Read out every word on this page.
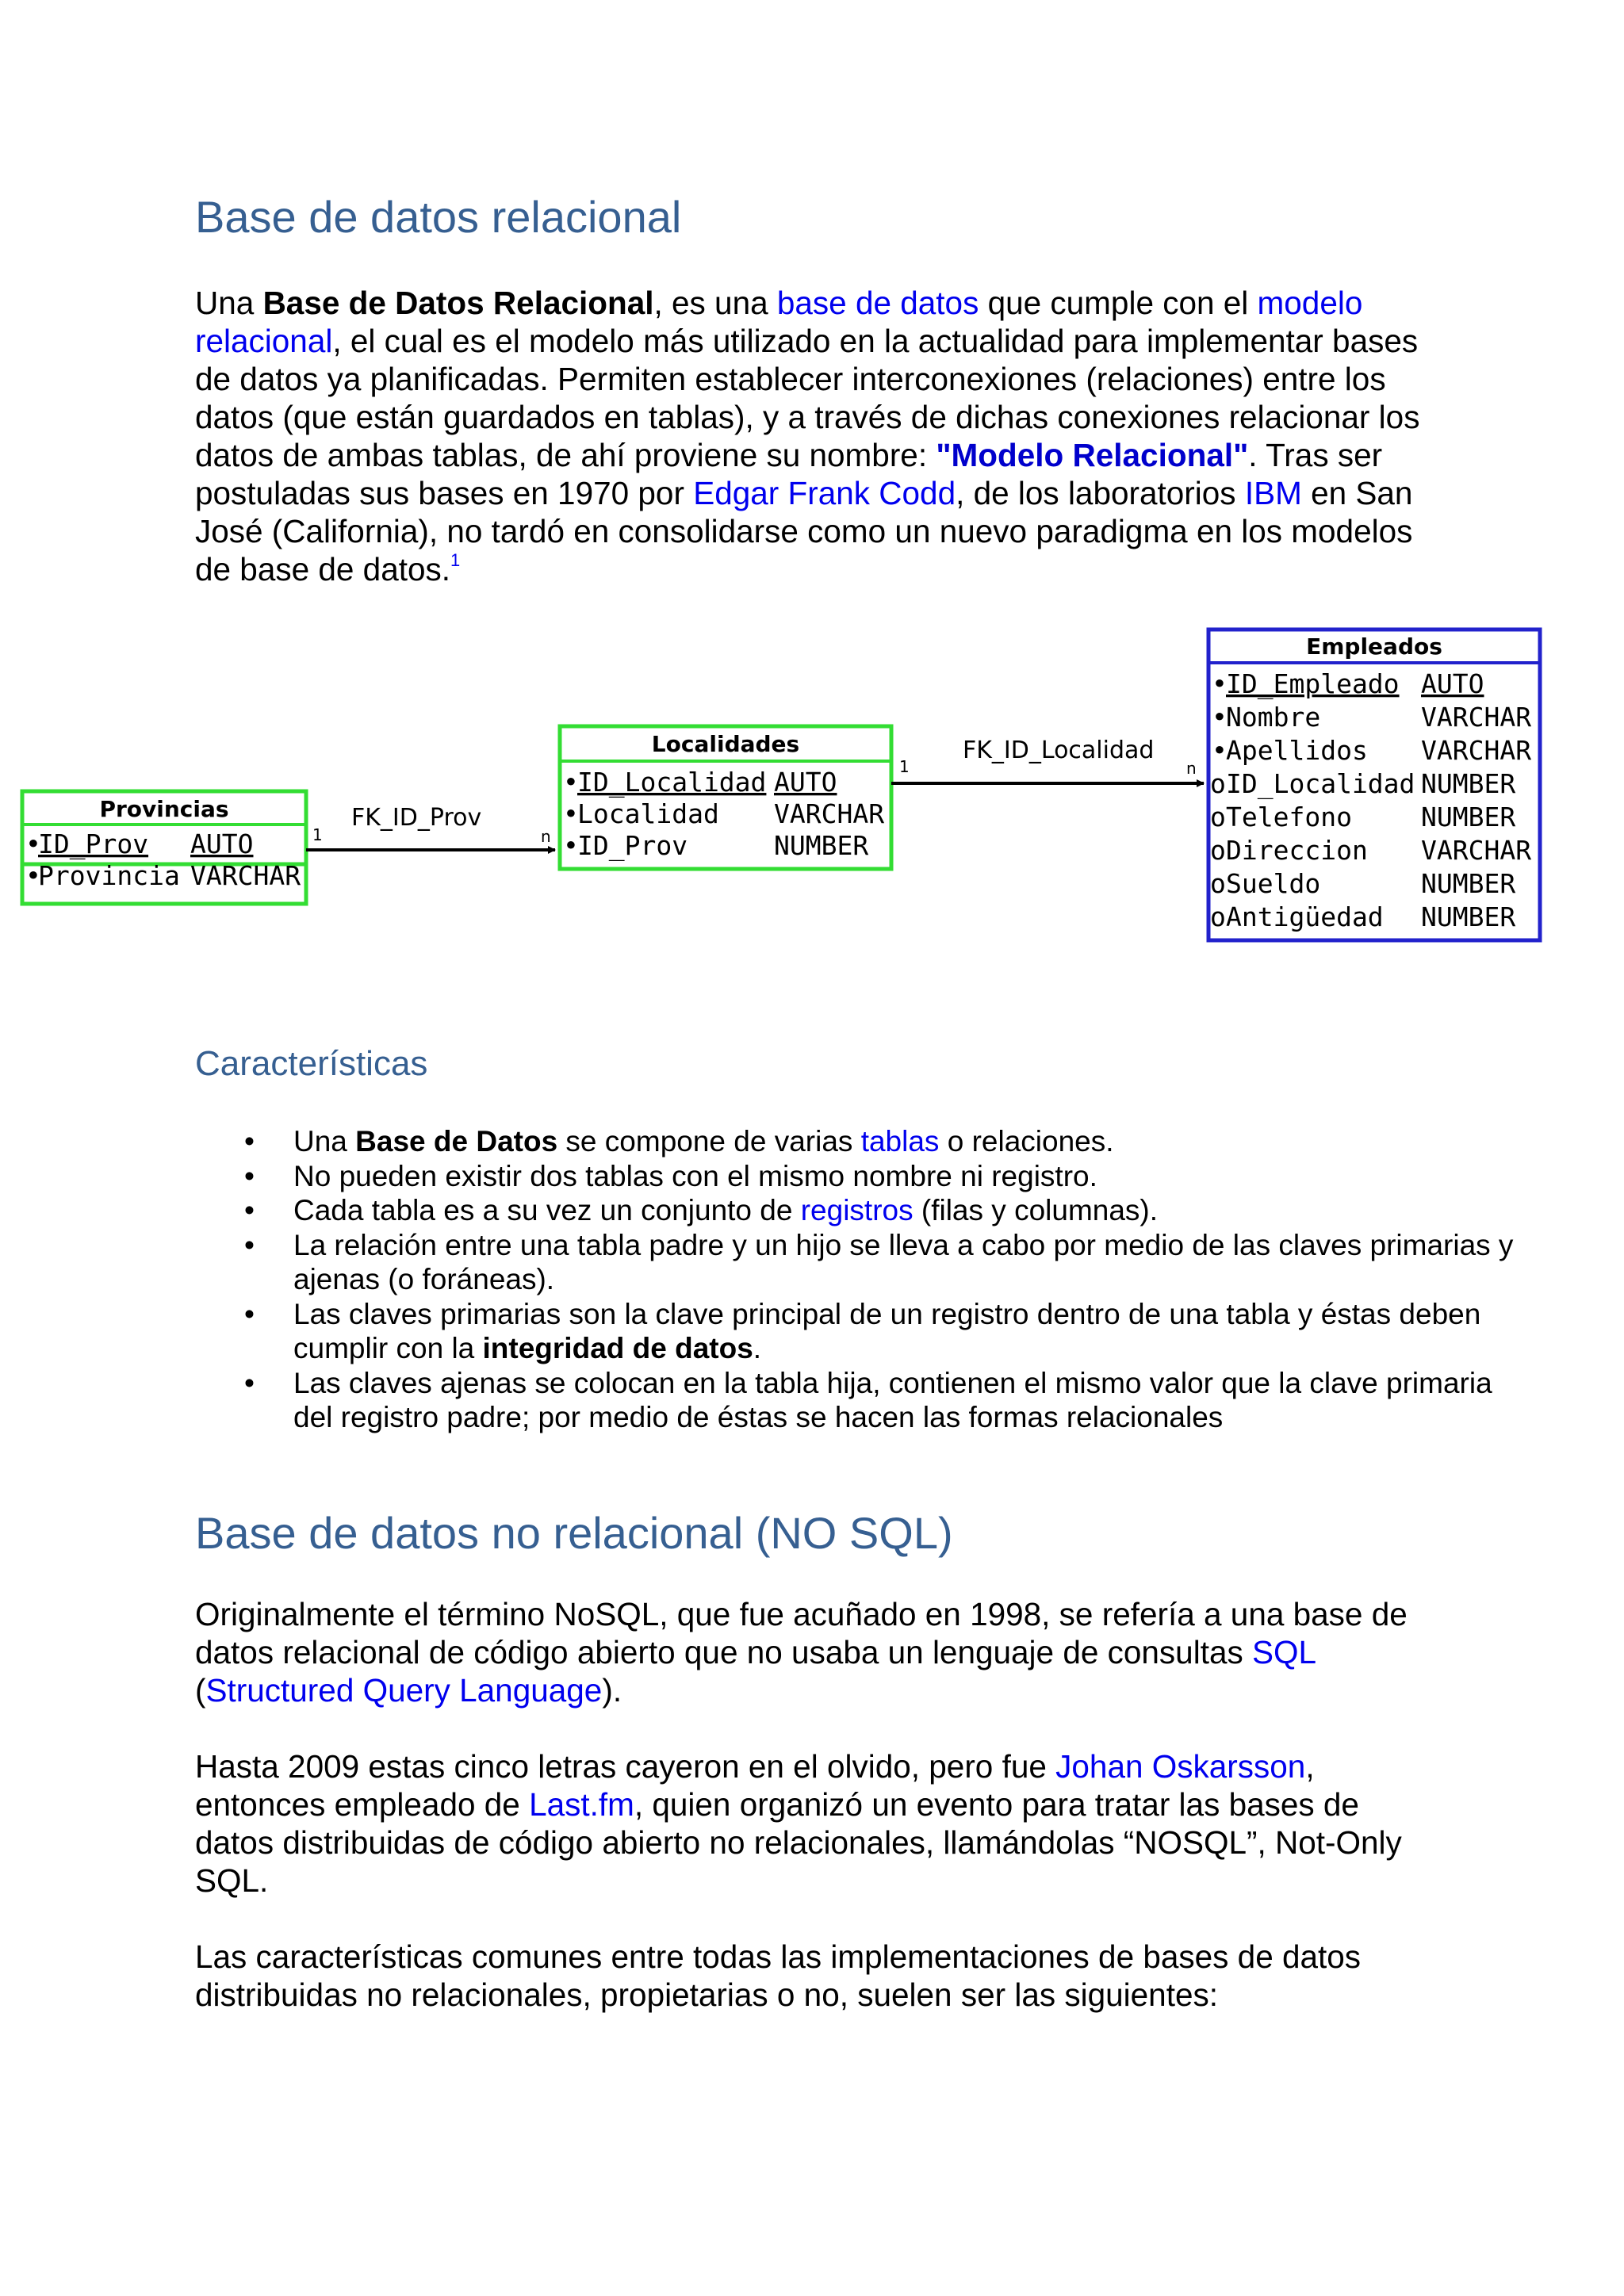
Base de datos relacional

Una Base de Datos Relacional, es una base de datos que cumple con el modelo relacional, el cual es el modelo más utilizado en la actualidad para implementar bases de datos ya planificadas. Permiten establecer interconexiones (relaciones) entre los datos (que están guardados en tablas), y a través de dichas conexiones relacionar los datos de ambas tablas, de ahí proviene su nombre: "Modelo Relacional". Tras ser postuladas sus bases en 1970 por Edgar Frank Codd, de los laboratorios IBM en San José (California), no tardó en consolidarse como un nuevo paradigma en los modelos de base de datos.$^1$

Provincias
•
ID_Prov AUTO
•
Provincia VARCHAR
FK_ID_Prov
1	n
Localidades
•
ID_Localidad AUTO
•
Localidad VARCHAR
•
ID_Prov	NUMBER
FK_ID_Localidad
1	n
Empleados
•
ID_Empleado AUTO
•
Nombre	VARCHAR
•
Apellidos VARCHAR
o ID_Localidad NUMBER
o Telefono	NUMBER
o Direccion VARCHAR
o Sueldo	NUMBER
o Antigüedad NUMBER
Características
• Una Base de Datos se compone de varias tablas o relaciones.
• No pueden existir dos tablas con el mismo nombre ni registro.
• Cada tabla es a su vez un conjunto de registros (filas y columnas).
• La relación entre una tabla padre y un hijo se lleva a cabo por medio de las claves primarias y ajenas (o foráneas).
• Las claves primarias son la clave principal de un registro dentro de una tabla y éstas deben cumplir con la integridad de datos.
• Las claves ajenas se colocan en la tabla hija, contienen el mismo valor que la clave primaria del registro padre; por medio de éstas se hacen las formas relacionales
Base de datos no relacional (NO SQL)

Originalmente el término NoSQL, que fue acuñado en 1998, se refería a una base de datos relacional de código abierto que no usaba un lenguaje de consultas SQL (Structured Query Language).

Hasta 2009 estas cinco letras cayeron en el olvido, pero fue Johan Oskarsson, entonces empleado de Last.fm, quien organizó un evento para tratar las bases de datos distribuidas de código abierto no relacionales, llamándolas “NOSQL”, Not-Only SQL.

Las características comunes entre todas las implementaciones de bases de datos distribuidas no relacionales, propietarias o no, suelen ser las siguientes:
